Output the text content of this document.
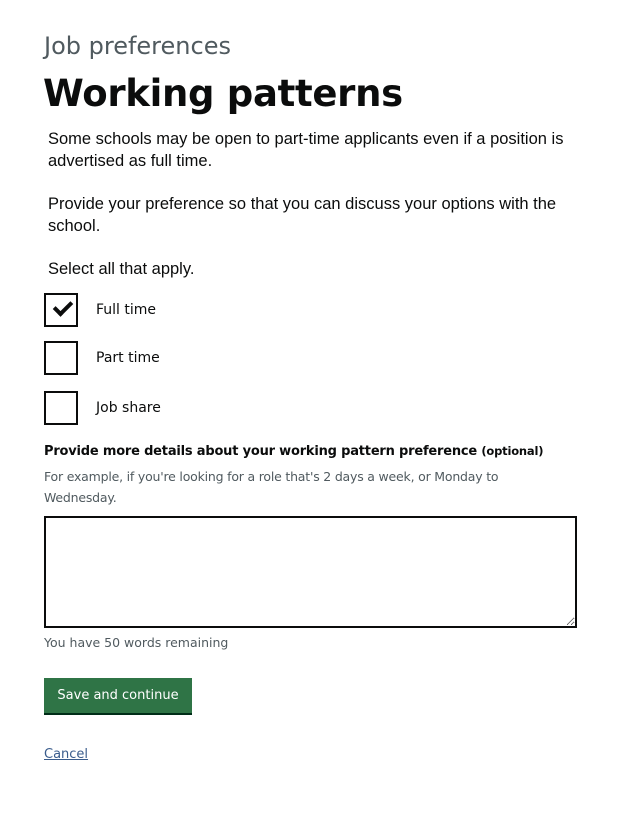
Job preferences
Working patterns

Some schools may be open to part-time applicants even if a position is advertised as full time.

Provide your preference so that you can discuss your options with the school.

Select all that apply.

Full time
Part time
Job share

Provide more details about your working pattern preference (optional)

For example, if you're looking for a role that's 2 days a week, or Monday to Wednesday.

You have 50 words remaining

Save and continue
Cancel
